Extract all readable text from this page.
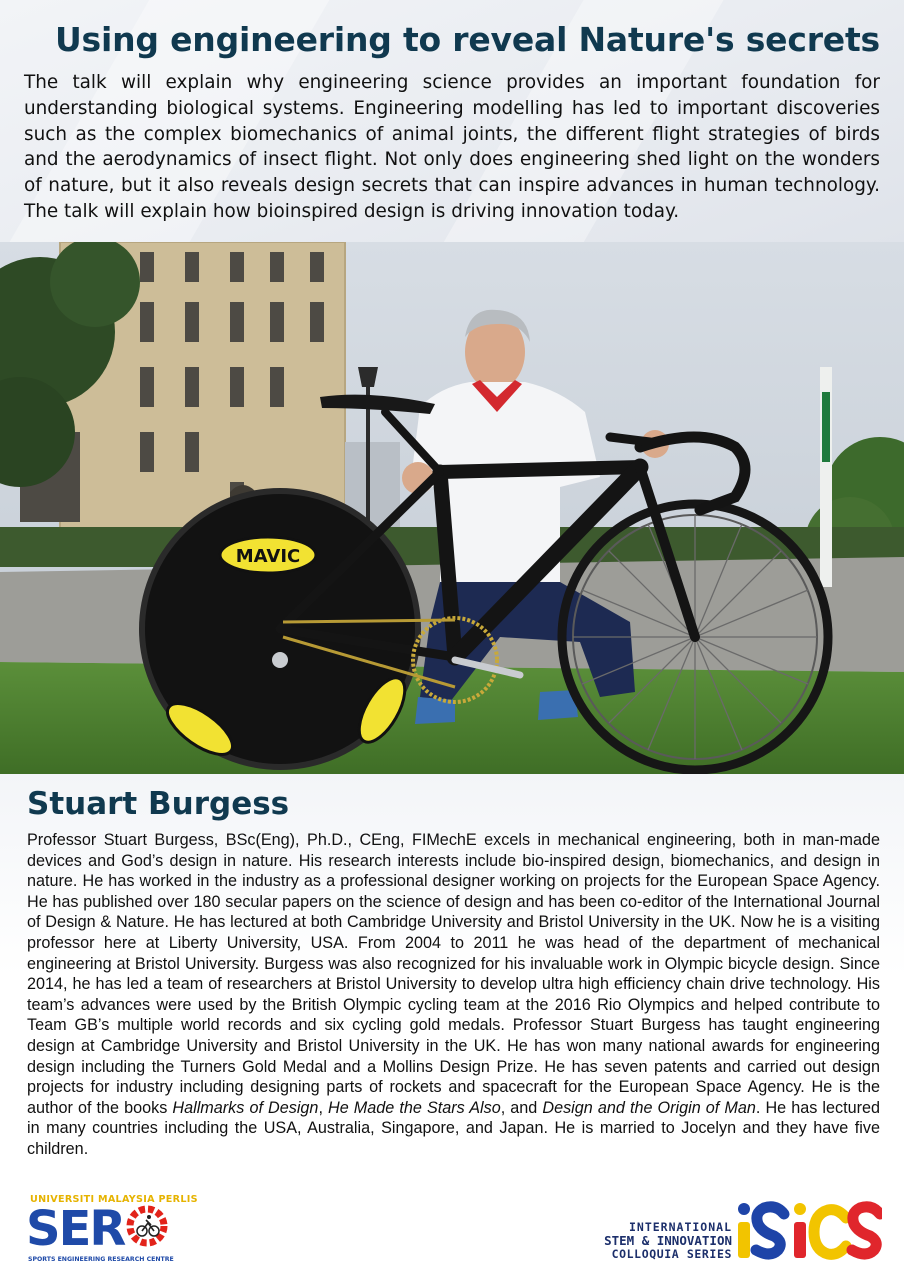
Using engineering to reveal Nature's secrets

The talk will explain why engineering science provides an important foundation for understanding biological systems. Engineering modelling has led to important discoveries such as the complex biomechanics of animal joints, the different flight strategies of birds and the aerodynamics of insect flight. Not only does engineering shed light on the wonders of nature, but it also reveals design secrets that can inspire advances in human technology. The talk will explain how bioinspired design is driving innovation today.

MAVIC
Stuart Burgess

Professor Stuart Burgess, BSc(Eng), Ph.D., CEng, FIMechE excels in mechanical engineering, both in man-made devices and God’s design in nature. His research interests include bio-inspired design, biomechanics, and design in nature. He has worked in the industry as a professional designer working on projects for the European Space Agency. He has published over 180 secular papers on the science of design and has been co-editor of the International Journal of Design & Nature. He has lectured at both Cambridge University and Bristol University in the UK. Now he is a visiting professor here at Liberty University, USA. From 2004 to 2011 he was head of the department of mechanical engineering at Bristol University. Burgess was also recognized for his invaluable work in Olympic bicycle design. Since 2014, he has led a team of researchers at Bristol University to develop ultra high efficiency chain drive technology. His team’s advances were used by the British Olympic cycling team at the 2016 Rio Olympics and helped contribute to Team GB’s multiple world records and six cycling gold medals. Professor Stuart Burgess has taught engineering design at Cambridge University and Bristol University in the UK. He has won many national awards for engineering design including the Turners Gold Medal and a Mollins Design Prize. He has seven patents and carried out design projects for industry including designing parts of rockets and spacecraft for the European Space Agency. He is the author of the books Hallmarks of Design, He Made the Stars Also, and Design and the Origin of Man. He has lectured in many countries including the USA, Australia, Singapore, and Japan. He is married to Jocelyn and they have five children.

UNIVERSITI MALAYSIA PERLIS
SER
SPORTS ENGINEERING RESEARCH CENTRE
INTERNATIONAL
STEM & INNOVATION
COLLOQUIA SERIES
